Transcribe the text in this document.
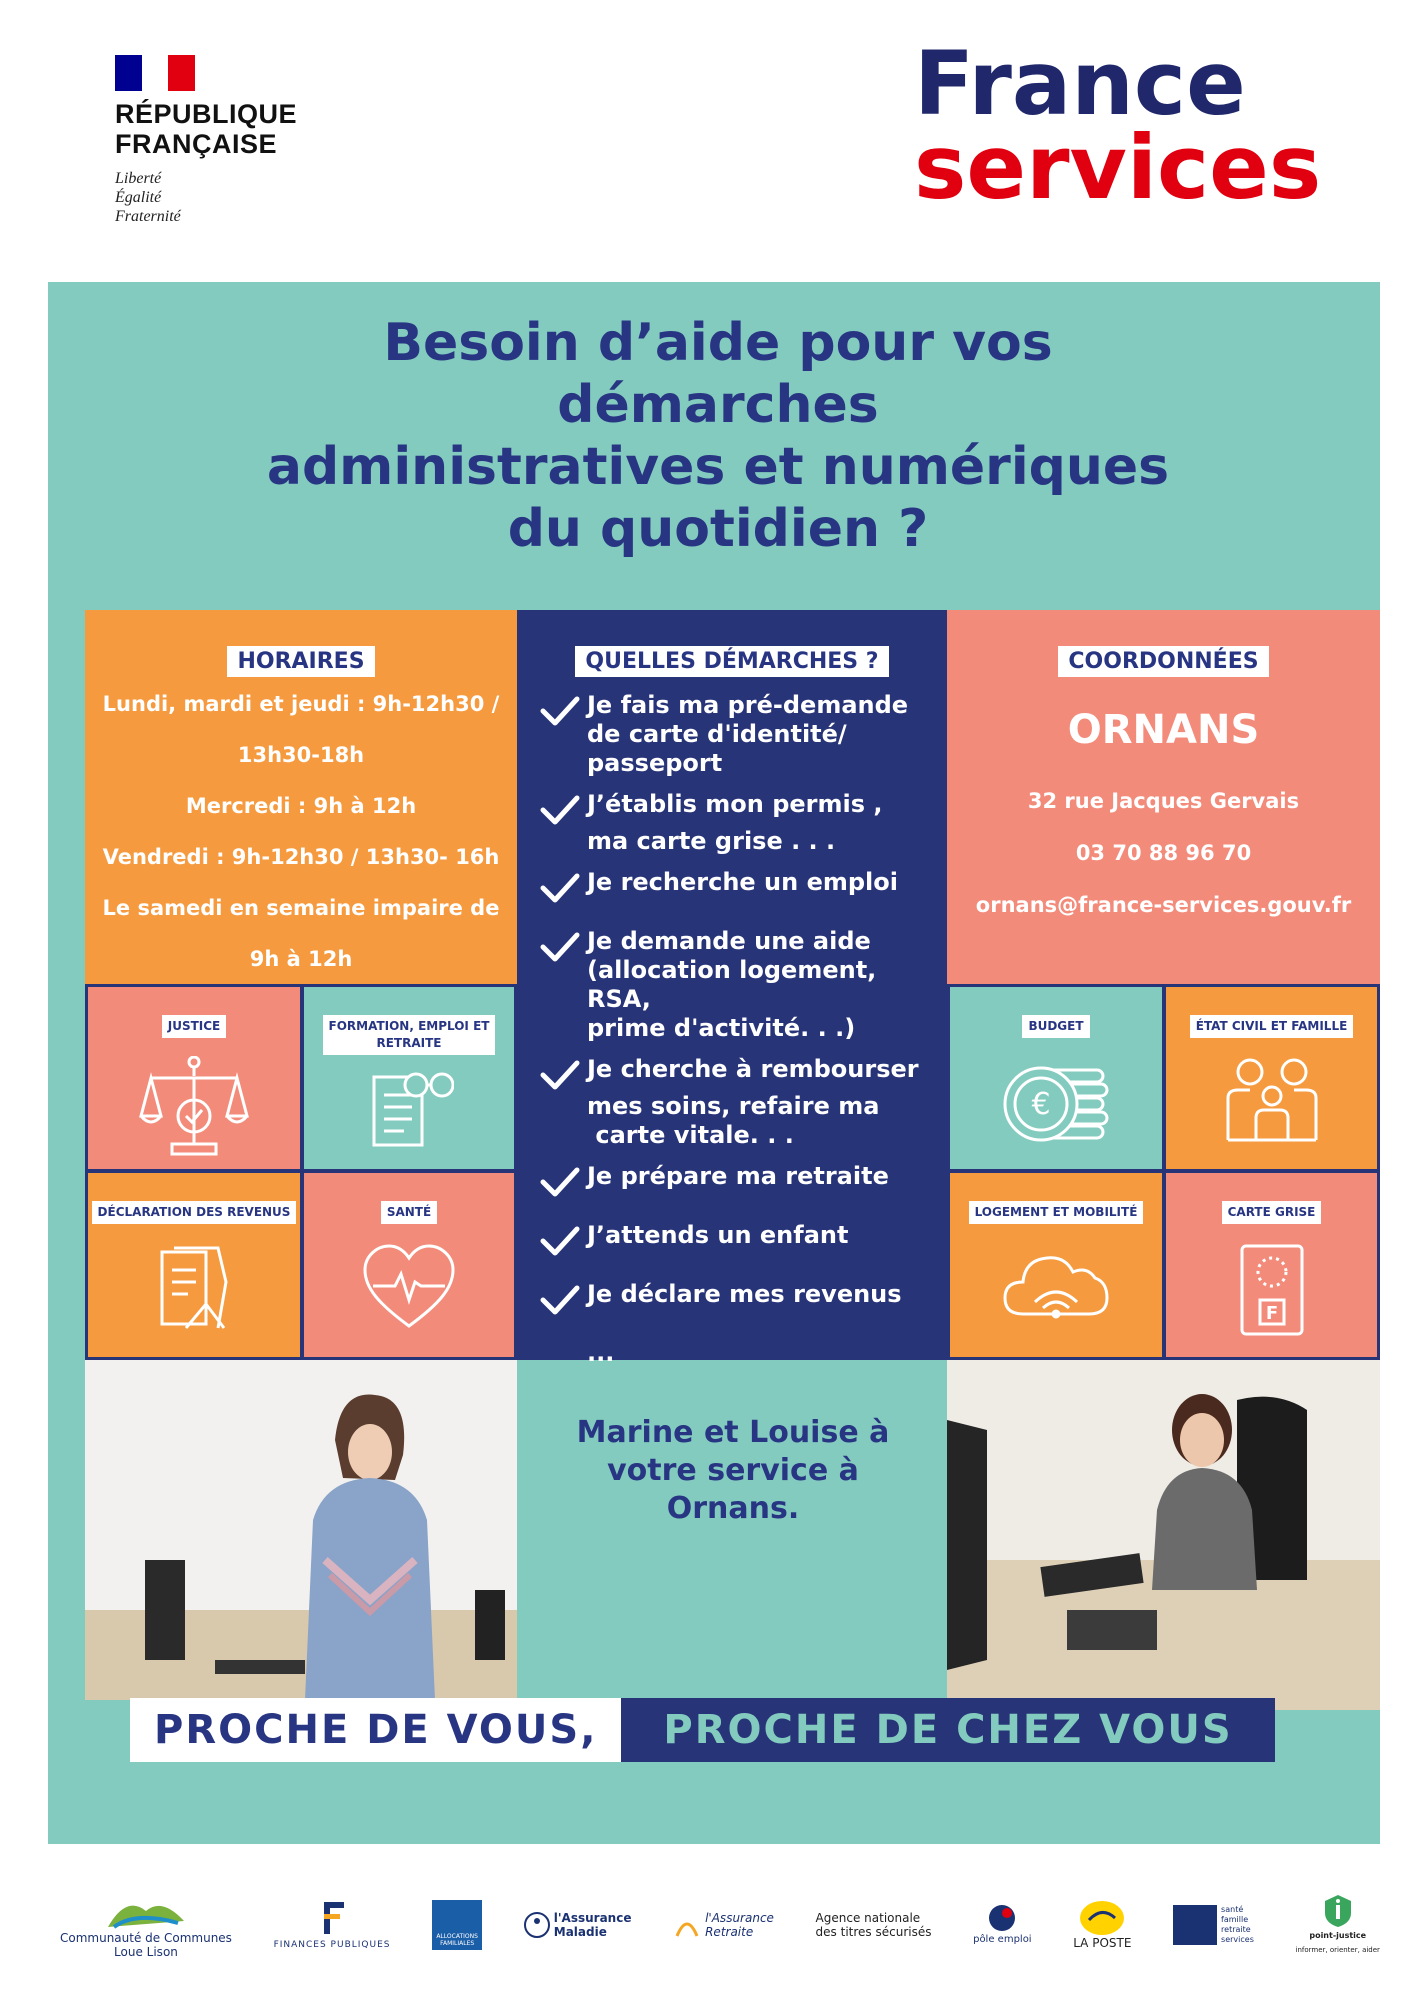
RÉPUBLIQUE
FRANÇAISE
Liberté
Égalité
Fraternité
France
services
Besoin d’aide pour vos démarches
administratives et numériques
du quotidien ?
HORAIRES
Lundi, mardi et jeudi : 9h-12h30 /
13h30-18h
Mercredi : 9h à 12h
Vendredi : 9h-12h30 / 13h30- 16h
Le samedi en semaine impaire de
9h à 12h
QUELLES DÉMARCHES ?
Je fais ma pré-demande
de carte d'identité/
passeport
J’établis mon permis ,
ma carte grise . . .
Je recherche un emploi
Je demande une aide
(allocation logement, RSA,
prime d'activité. . .)
Je cherche à rembourser
mes soins, refaire ma
carte vitale. . .
Je prépare ma retraite
J’attends un enfant
Je déclare mes revenus
...
COORDONNÉES
ORNANS
32 rue Jacques Gervais
03 70 88 96 70
ornans@france-services.gouv.fr
JUSTICE	FORMATION, EMPLOI ET
RETRAITE
DÉCLARATION DES REVENUS	SANTÉ
BUDGET
€
ÉTAT CIVIL ET FAMILLE
LOGEMENT ET MOBILITÉ	CARTE GRISE
F
Marine et Louise à
votre service à
Ornans.
PROCHE DE VOUS,	PROCHE DE CHEZ VOUS
Communauté de Communes
Loue Lison	FINANCES PUBLIQUES
ALLOCATIONS
FAMILIALES
l'Assurance
Maladie
l'Assurance
Retraite
Agence nationale
des titres sécurisés
pôle emploi	LA POSTE
santé
famille
retraite
services	point-justice
informer, orienter, aider
